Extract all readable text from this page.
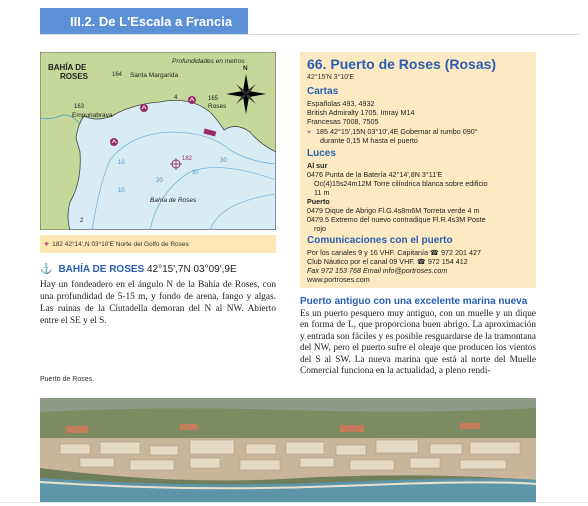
III.2. De L'Escala a Francia
BAHÍA DE
ROSES
Profundidades en metros
N
164 Santa Margarida
163
Empuriabrava
165
Roses
182
Bahía de Roses
4
10
10
20
30
30
2
⌖ 182 42°14',N 03°10'E Norte del Golfo de Roses
⚓ BAHÍA DE ROSES 42°15',7N 03°09',9E
Hay un fondeadero en el ángulo N de la Bahía de Roses, con una profundidad de 5-15 m, y fondo de arena, fango y algas. Las ruinas de la Ciutadella demoran del N al NW. Abierto entre el SE y el S.
Puerto de Roses.
66. Puerto de Roses (Rosas)
42°15'N 3°10'E
Cartas
Españolas 493, 4932
British Admiralty 1705. Imray M14
Francesas 7008, 7505
⌖ 185 42°15',15N 03°10',4E Gobernar al rumbo 090°
durante 0,15 M hasta el puerto
Luces
Al sur
0476 Punta de la Batería 42°14',8N 3°11'E
Oc(4)15s24m12M Torre cilíndrica blanca sobre edificio
11 m
Puerto
0479 Dique de Abrigo Fl.G.4s8m6M Torreta verde 4 m
0479.5 Extremo del nuevo contradique Fl.R.4s3M Poste
rojo
Comunicaciones con el puerto
Por los canales 9 y 16 VHF. Capitanía ☎ 972 201 427
Club Náutico por el canal 09 VHF. ☎ 972 154 412
Fax 972 153 768 Email info@portroses.com
www.portroses.com
Puerto antiguo con una excelente marina nueva
Es un puerto pesquero muy antiguo, con un muelle y un dique en forma de L, que proporciona buen abrigo. La aproximación y entrada son fáciles y es posible resguardarse de la tramontana del NW, pero el puerto sufre el oleaje que producen los vientos del S al SW. La nueva marina que está al norte del Muelle Comercial funciona en la actualidad, a pleno rendi-
